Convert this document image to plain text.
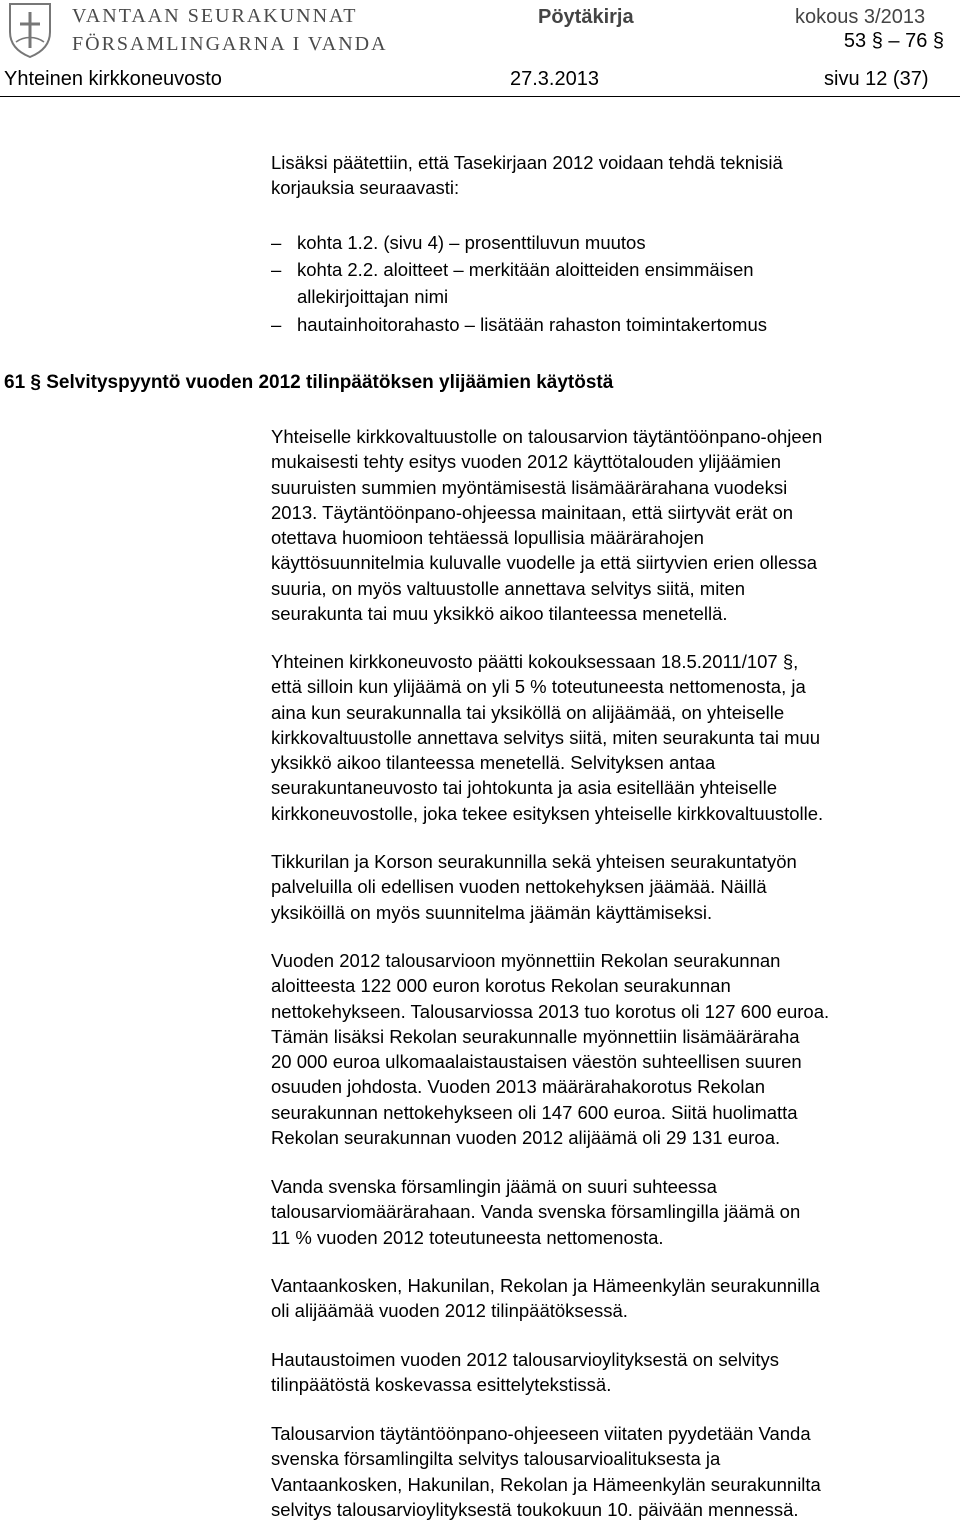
VANTAAN SEURAKUNNAT
FÖRSAMLINGARNA I VANDA
Pöytäkirja	kokous 3/2013
53 § – 76 §
Yhteinen kirkkoneuvosto	27.3.2013	sivu 12 (37)
Lisäksi päätettiin, että Tasekirjaan 2012 voidaan tehdä teknisiä
korjauksia seuraavasti:
– kohta 1.2. (sivu 4) – prosenttiluvun muutos
– kohta 2.2. aloitteet – merkitään aloitteiden ensimmäisen
allekirjoittajan nimi
– hautainhoitorahasto – lisätään rahaston toimintakertomus
61 § Selvityspyyntö vuoden 2012 tilinpäätöksen ylijäämien käytöstä
Yhteiselle kirkkovaltuustolle on talousarvion täytäntöönpano-ohjeen
mukaisesti tehty esitys vuoden 2012 käyttötalouden ylijäämien
suuruisten summien myöntämisestä lisämäärärahana vuodeksi
2013. Täytäntöönpano-ohjeessa mainitaan, että siirtyvät erät on
otettava huomioon tehtäessä lopullisia määrärahojen
käyttösuunnitelmia kuluvalle vuodelle ja että siirtyvien erien ollessa
suuria, on myös valtuustolle annettava selvitys siitä, miten
seurakunta tai muu yksikkö aikoo tilanteessa menetellä.
Yhteinen kirkkoneuvosto päätti kokouksessaan 18.5.2011/107 §,
että silloin kun ylijäämä on yli 5 % toteutuneesta nettomenosta, ja
aina kun seurakunnalla tai yksiköllä on alijäämää, on yhteiselle
kirkkovaltuustolle annettava selvitys siitä, miten seurakunta tai muu
yksikkö aikoo tilanteessa menetellä. Selvityksen antaa
seurakuntaneuvosto tai johtokunta ja asia esitellään yhteiselle
kirkkoneuvostolle, joka tekee esityksen yhteiselle kirkkovaltuustolle.
Tikkurilan ja Korson seurakunnilla sekä yhteisen seurakuntatyön
palveluilla oli edellisen vuoden nettokehyksen jäämää. Näillä
yksiköillä on myös suunnitelma jäämän käyttämiseksi.
Vuoden 2012 talousarvioon myönnettiin Rekolan seurakunnan
aloitteesta 122 000 euron korotus Rekolan seurakunnan
nettokehykseen. Talousarviossa 2013 tuo korotus oli 127 600 euroa.
Tämän lisäksi Rekolan seurakunnalle myönnettiin lisämääräraha
20 000 euroa ulkomaalaistaustaisen väestön suhteellisen suuren
osuuden johdosta. Vuoden 2013 määrärahakorotus Rekolan
seurakunnan nettokehykseen oli 147 600 euroa. Siitä huolimatta
Rekolan seurakunnan vuoden 2012 alijäämä oli 29 131 euroa.
Vanda svenska församlingin jäämä on suuri suhteessa
talousarviomäärärahaan. Vanda svenska församlingilla jäämä on
11 % vuoden 2012 toteutuneesta nettomenosta.
Vantaankosken, Hakunilan, Rekolan ja Hämeenkylän seurakunnilla
oli alijäämää vuoden 2012 tilinpäätöksessä.
Hautaustoimen vuoden 2012 talousarvioylityksestä on selvitys
tilinpäätöstä koskevassa esittelytekstissä.
Talousarvion täytäntöönpano-ohjeeseen viitaten pyydetään Vanda
svenska församlingilta selvitys talousarvioalituksesta ja
Vantaankosken, Hakunilan, Rekolan ja Hämeenkylän seurakunnilta
selvitys talousarvioylityksestä toukokuun 10. päivään mennessä.
